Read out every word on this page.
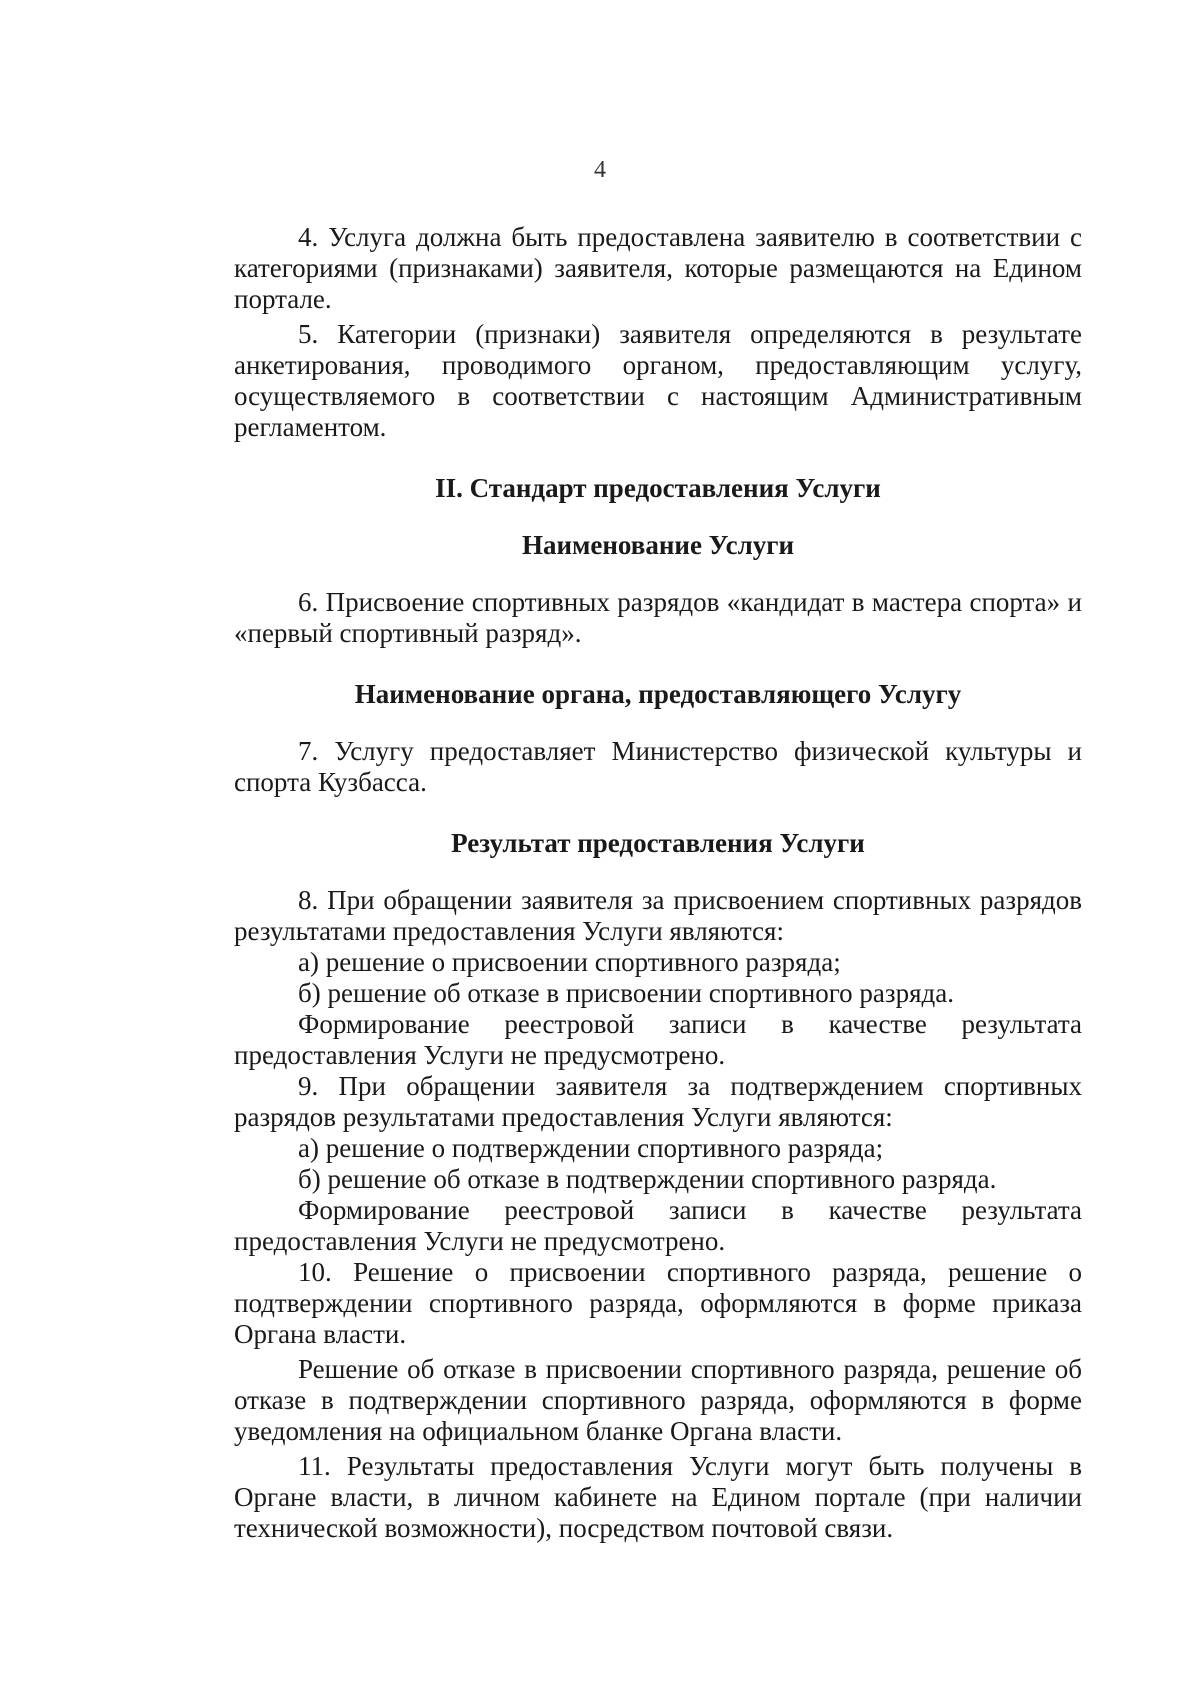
4

4. Услуга должна быть предоставлена заявителю в соответствии с категориями (признаками) заявителя, которые размещаются на Едином портале.

5. Категории (признаки) заявителя определяются в результате анкетирования, проводимого органом, предоставляющим услугу, осуществляемого в соответствии с настоящим Административным регламентом.

II. Стандарт предоставления Услуги
Наименование Услуги

6. Присвоение спортивных разрядов «кандидат в мастера спорта» и «первый спортивный разряд».

Наименование органа, предоставляющего Услугу

7. Услугу предоставляет Министерство физической культуры и спорта Кузбасса.

Результат предоставления Услуги

8. При обращении заявителя за присвоением спортивных разрядов результатами предоставления Услуги являются:

а) решение о присвоении спортивного разряда;

б) решение об отказе в присвоении спортивного разряда.

Формирование реестровой записи в качестве результата предоставления Услуги не предусмотрено.

9. При обращении заявителя за подтверждением спортивных разрядов результатами предоставления Услуги являются:

а) решение о подтверждении спортивного разряда;

б) решение об отказе в подтверждении спортивного разряда.

Формирование реестровой записи в качестве результата предоставления Услуги не предусмотрено.

10. Решение о присвоении спортивного разряда, решение о подтверждении спортивного разряда, оформляются в форме приказа Органа власти.

Решение об отказе в присвоении спортивного разряда, решение об отказе в подтверждении спортивного разряда, оформляются в форме уведомления на официальном бланке Органа власти.

11. Результаты предоставления Услуги могут быть получены в Органе власти, в личном кабинете на Едином портале (при наличии технической возможности), посредством почтовой связи.
